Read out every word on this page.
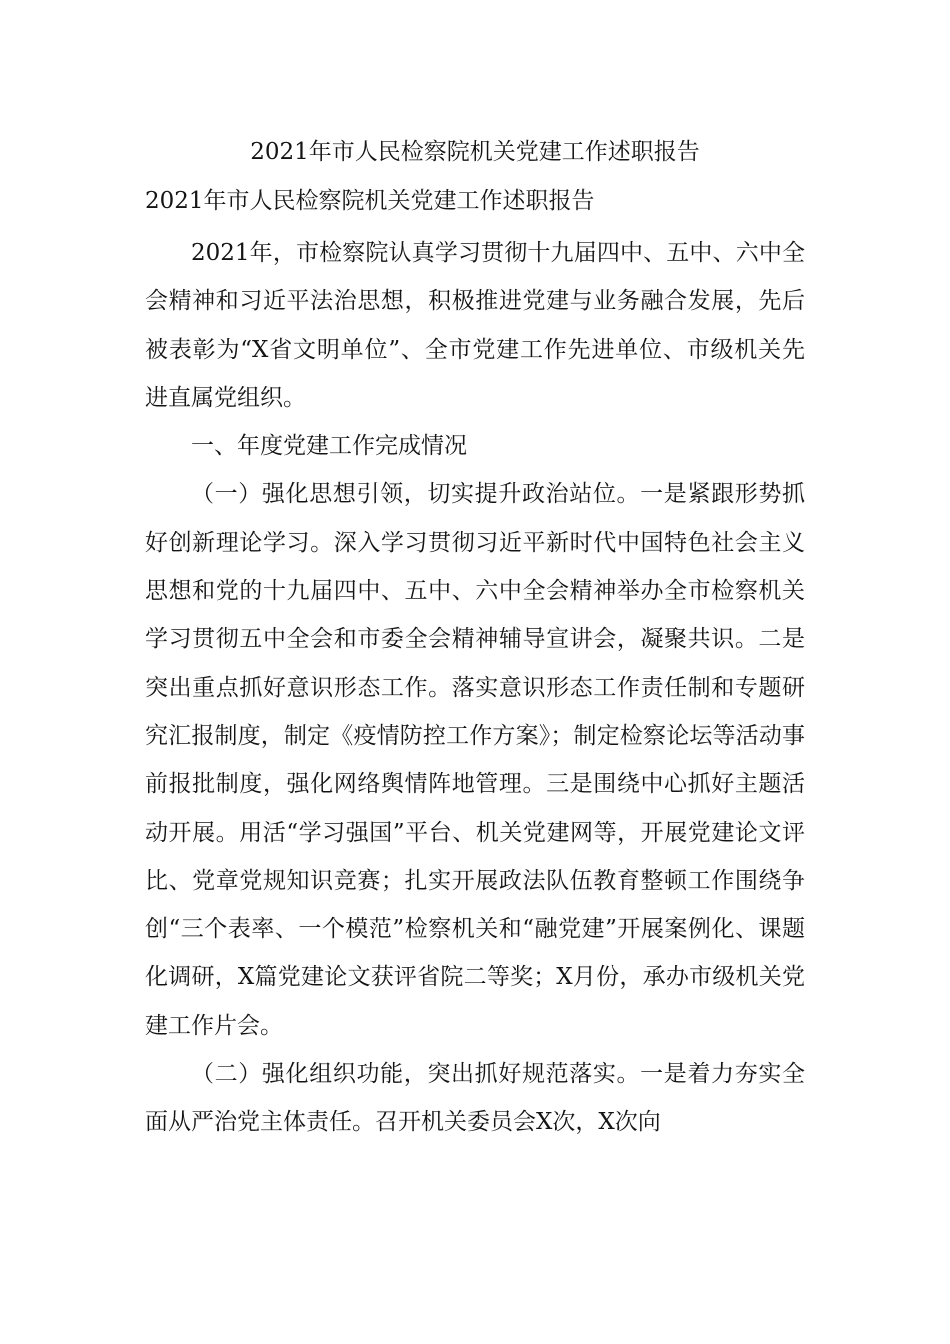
2021年市人民检察院机关党建工作述职报告
2021年市人民检察院机关党建工作述职报告

2021年，市检察院认真学习贯彻十九届四中、五中、六中全会精神和习近平法治思想，积极推进党建与业务融合发展，先后被表彰为“X省文明单位”、全市党建工作先进单位、市级机关先进直属党组织。

一、年度党建工作完成情况

（一）强化思想引领，切实提升政治站位。一是紧跟形势抓好创新理论学习。深入学习贯彻习近平新时代中国特色社会主义思想和党的十九届四中、五中、六中全会精神举办全市检察机关学习贯彻五中全会和市委全会精神辅导宣讲会，凝聚共识。二是突出重点抓好意识形态工作。落实意识形态工作责任制和专题研究汇报制度，制定《疫情防控工作方案》；制定检察论坛等活动事前报批制度，强化网络舆情阵地管理。三是围绕中心抓好主题活动开展。用活“学习强国”平台、机关党建网等，开展党建论文评比、党章党规知识竞赛；扎实开展政法队伍教育整顿工作围绕争创“三个表率、一个模范”检察机关和“融党建”开展案例化、课题化调研，X篇党建论文获评省院二等奖；X月份，承办市级机关党建工作片会。

（二）强化组织功能，突出抓好规范落实。一是着力夯实全面从严治党主体责任。召开机关委员会X次，X次向
